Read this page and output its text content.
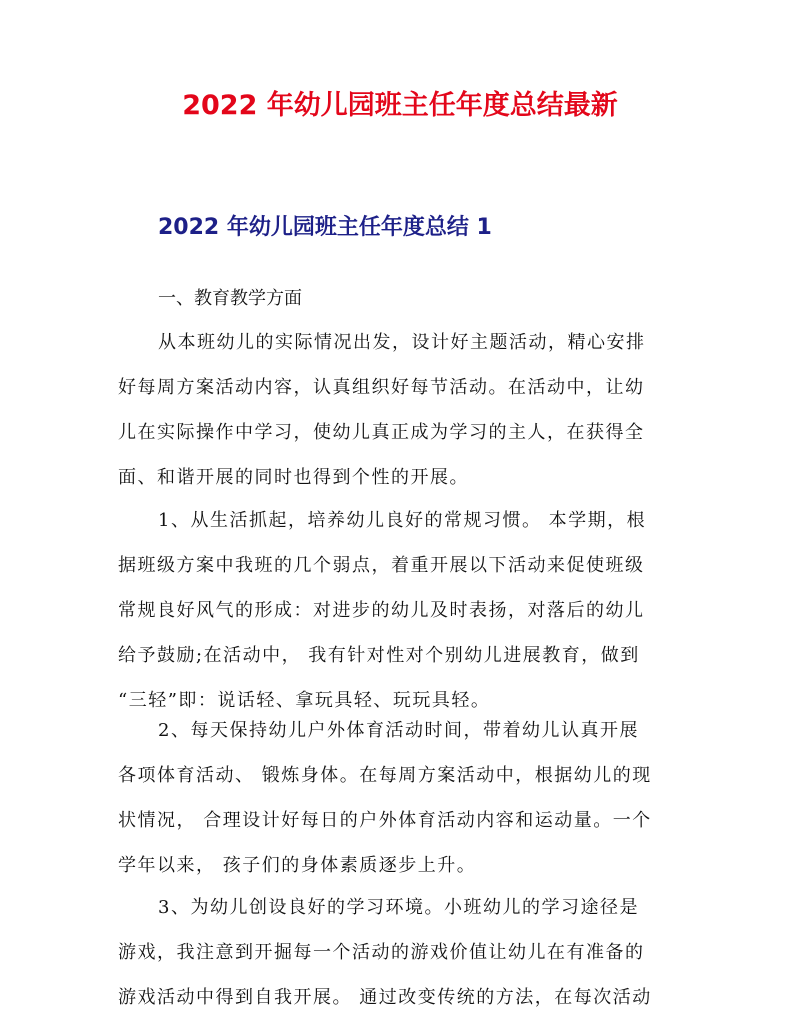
2022 年幼儿园班主任年度总结最新
2022 年幼儿园班主任年度总结 1

一、教育教学方面

从本班幼儿的实际情况出发，设计好主题活动，精心安排
好每周方案活动内容，认真组织好每节活动。在活动中，让幼
儿在实际操作中学习，使幼儿真正成为学习的主人，在获得全
面、和谐开展的同时也得到个性的开展。
1、从生活抓起，培养幼儿良好的常规习惯。 本学期，根
据班级方案中我班的几个弱点，着重开展以下活动来促使班级
常规良好风气的形成：对进步的幼儿及时表扬，对落后的幼儿
给予鼓励;在活动中， 我有针对性对个别幼儿进展教育，做到
“三轻”即：说话轻、拿玩具轻、玩玩具轻。
2、每天保持幼儿户外体育活动时间，带着幼儿认真开展
各项体育活动、 锻炼身体。在每周方案活动中，根据幼儿的现
状情况， 合理设计好每日的户外体育活动内容和运动量。一个
学年以来， 孩子们的身体素质逐步上升。
3、为幼儿创设良好的学习环境。小班幼儿的学习途径是
游戏，我注意到开掘每一个活动的游戏价值让幼儿在有准备的
游戏活动中得到自我开展。 通过改变传统的方法，在每次活动
